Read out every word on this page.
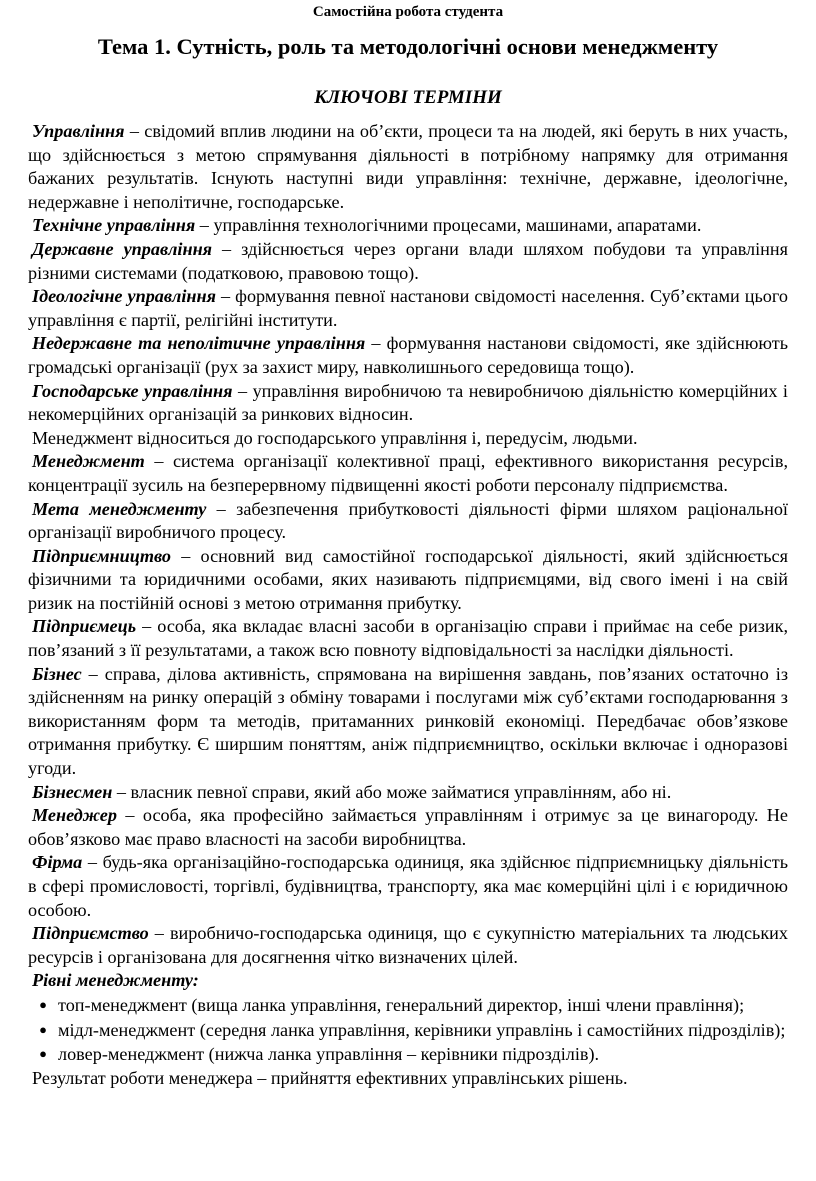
Самостійна робота студента

Тема 1. Сутність, роль та методологічні основи менеджменту
КЛЮЧОВІ ТЕРМІНИ

Управління – свідомий вплив людини на об’єкти, процеси та на людей, які беруть в них участь, що здійснюється з метою спрямування діяльності в потрібному напрямку для отримання бажаних результатів. Існують наступні види управління: технічне, державне, ідеологічне, недержавне і неполітичне, господарське.

Технічне управління – управління технологічними процесами, машинами, апаратами.

Державне управління – здійснюється через органи влади шляхом побудови та управління різними системами (податковою, правовою тощо).

Ідеологічне управління – формування певної настанови свідомості населення. Суб’єктами цього управління є партії, релігійні інститути.

Недержавне та неполітичне управління – формування настанови свідомості, яке здійснюють громадські організації (рух за захист миру, навколишнього середовища тощо).

Господарське управління – управління виробничою та невиробничою діяльністю комерційних і некомерційних організацій за ринкових відносин.

Менеджмент відноситься до господарського управління і, передусім, людьми.

Менеджмент – система організації колективної праці, ефективного використання ресурсів, концентрації зусиль на безперервному підвищенні якості роботи персоналу підприємства.

Мета менеджменту – забезпечення прибутковості діяльності фірми шляхом раціональної організації виробничого процесу.

Підприємництво – основний вид самостійної господарської діяльності, який здійснюється фізичними та юридичними особами, яких називають підприємцями, від свого імені і на свій ризик на постійній основі з метою отримання прибутку.

Підприємець – особа, яка вкладає власні засоби в організацію справи і приймає на себе ризик, пов’язаний з її результатами, а також всю повноту відповідальності за наслідки діяльності.

Бізнес – справа, ділова активність, спрямована на вирішення завдань, пов’язаних остаточно із здійсненням на ринку операцій з обміну товарами і послугами між суб’єктами господарювання з використанням форм та методів, притаманних ринковій економіці. Передбачає обов’язкове отримання прибутку. Є ширшим поняттям, аніж підприємництво, оскільки включає і одноразові угоди.

Бізнесмен – власник певної справи, який або може займатися управлінням, або ні.

Менеджер – особа, яка професійно займається управлінням і отримує за це винагороду. Не обов’язково має право власності на засоби виробництва.

Фірма – будь-яка організаційно-господарська одиниця, яка здійснює підприємницьку діяльність в сфері промисловості, торгівлі, будівництва, транспорту, яка має комерційні цілі і є юридичною особою.

Підприємство – виробничо-господарська одиниця, що є сукупністю матеріальних та людських ресурсів і організована для досягнення чітко визначених цілей.

Рівні менеджменту:

● топ-менеджмент (вища ланка управління, генеральний директор, інші члени правління);
● мідл-менеджмент (середня ланка управління, керівники управлінь і самостійних підрозділів);
● ловер-менеджмент (нижча ланка управління – керівники підрозділів).

Результат роботи менеджера – прийняття ефективних управлінських рішень.
